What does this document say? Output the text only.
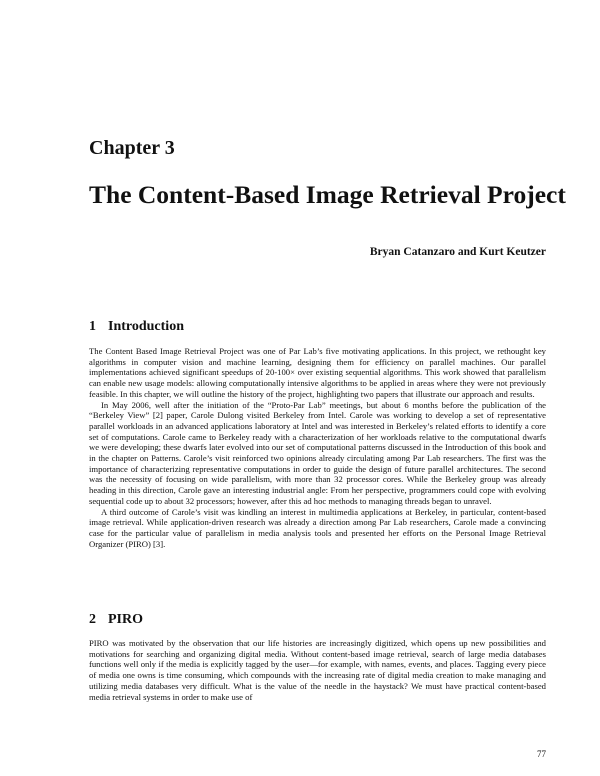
Chapter 3
The Content-Based Image Retrieval Project
Bryan Catanzaro and Kurt Keutzer
1 Introduction

The Content Based Image Retrieval Project was one of Par Lab’s five motivating applications. In this project, we rethought key algorithms in computer vision and machine learning, designing them for efficiency on parallel machines. Our parallel implementations achieved significant speedups of 20-100× over existing sequential algorithms. This work showed that parallelism can enable new usage models: allowing computationally intensive algorithms to be applied in areas where they were not previously feasible. In this chapter, we will outline the history of the project, highlighting two papers that illustrate our approach and results.

In May 2006, well after the initiation of the “Proto-Par Lab” meetings, but about 6 months before the publication of the “Berkeley View” [2] paper, Carole Dulong visited Berkeley from Intel. Carole was working to develop a set of representative parallel workloads in an advanced applications laboratory at Intel and was interested in Berkeley’s related efforts to identify a core set of computations. Carole came to Berkeley ready with a characterization of her workloads relative to the computational dwarfs we were developing; these dwarfs later evolved into our set of computational patterns discussed in the Introduction of this book and in the chapter on Patterns. Carole’s visit reinforced two opinions already circulating among Par Lab researchers. The first was the importance of characterizing representative computations in order to guide the design of future parallel architectures. The second was the necessity of focusing on wide parallelism, with more than 32 processor cores. While the Berkeley group was already heading in this direction, Carole gave an interesting industrial angle: From her perspective, programmers could cope with evolving sequential code up to about 32 processors; however, after this ad hoc methods to managing threads began to unravel.

A third outcome of Carole’s visit was kindling an interest in multimedia applications at Berkeley, in particular, content-based image retrieval. While application-driven research was already a direction among Par Lab researchers, Carole made a convincing case for the particular value of parallelism in media analysis tools and presented her efforts on the Personal Image Retrieval Organizer (PIRO) [3].

2 PIRO

PIRO was motivated by the observation that our life histories are increasingly digitized, which opens up new possibilities and motivations for searching and organizing digital media. Without content-based image retrieval, search of large media databases functions well only if the media is explicitly tagged by the user—for example, with names, events, and places. Tagging every piece of media one owns is time consuming, which compounds with the increasing rate of digital media creation to make managing and utilizing media databases very difficult. What is the value of the needle in the haystack? We must have practical content-based media retrieval systems in order to make use of

77
